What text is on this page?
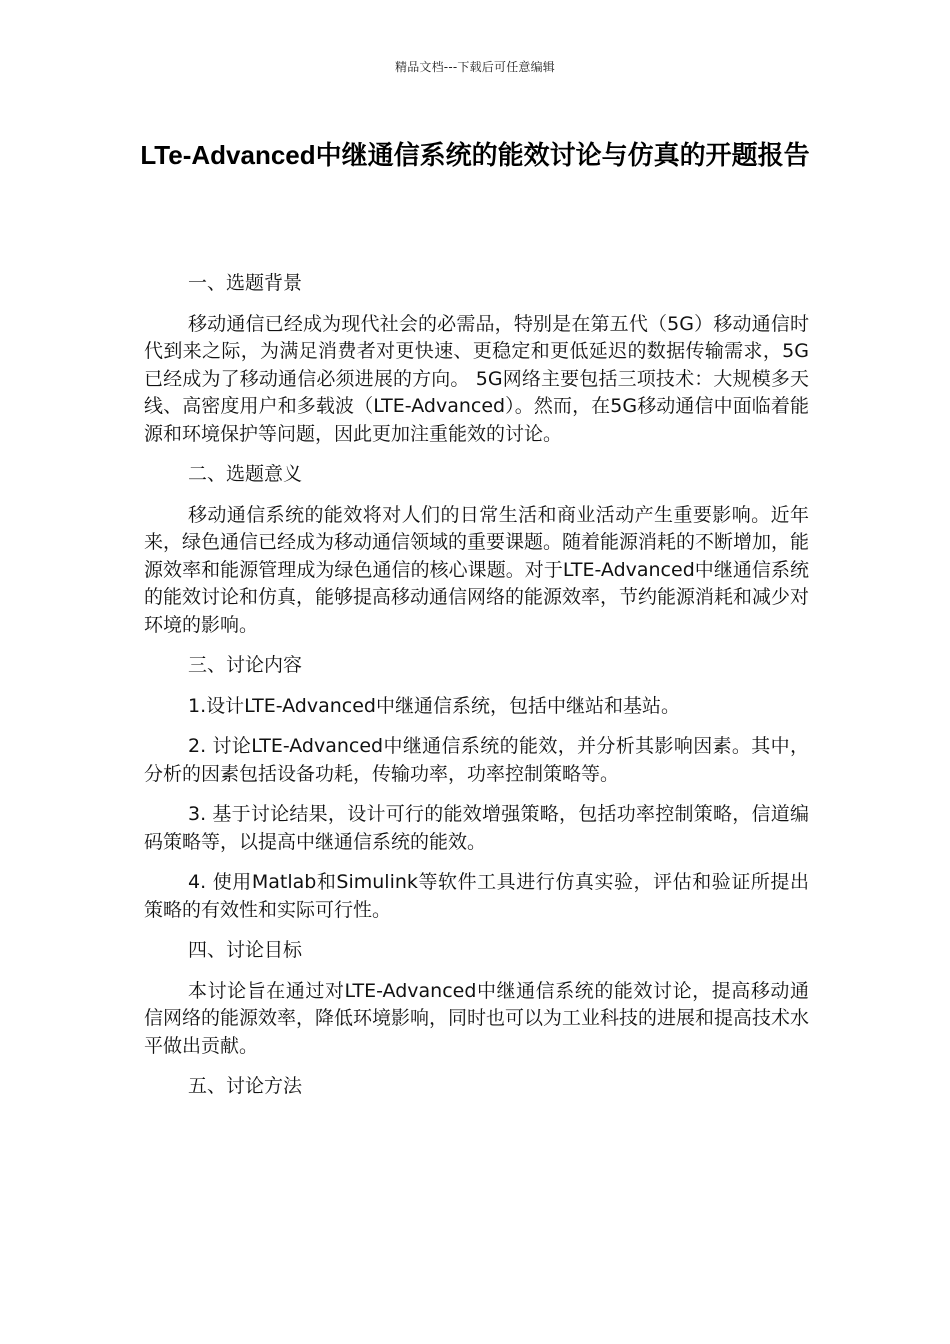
精品文档---下载后可任意编辑
LTe-Advanced中继通信系统的能效讨论与仿真的开题报告

一、选题背景

移动通信已经成为现代社会的必需品，特别是在第五代（5G）移动通信时代到来之际，为满足消费者对更快速、更稳定和更低延迟的数据传输需求，5G已经成为了移动通信必须进展的方向。 5G网络主要包括三项技术：大规模多天线、高密度用户和多载波（LTE-Advanced）。然而，在5G移动通信中面临着能源和环境保护等问题，因此更加注重能效的讨论。

二、选题意义

移动通信系统的能效将对人们的日常生活和商业活动产生重要影响。近年来，绿色通信已经成为移动通信领域的重要课题。随着能源消耗的不断增加，能源效率和能源管理成为绿色通信的核心课题。对于LTE-Advanced中继通信系统的能效讨论和仿真，能够提高移动通信网络的能源效率，节约能源消耗和减少对环境的影响。

三、讨论内容

1.设计LTE-Advanced中继通信系统，包括中继站和基站。

2. 讨论LTE-Advanced中继通信系统的能效，并分析其影响因素。其中，分析的因素包括设备功耗，传输功率，功率控制策略等。

3. 基于讨论结果，设计可行的能效增强策略，包括功率控制策略，信道编码策略等，以提高中继通信系统的能效。

4. 使用Matlab和Simulink等软件工具进行仿真实验，评估和验证所提出策略的有效性和实际可行性。

四、讨论目标

本讨论旨在通过对LTE-Advanced中继通信系统的能效讨论，提高移动通信网络的能源效率，降低环境影响，同时也可以为工业科技的进展和提高技术水平做出贡献。

五、讨论方法
